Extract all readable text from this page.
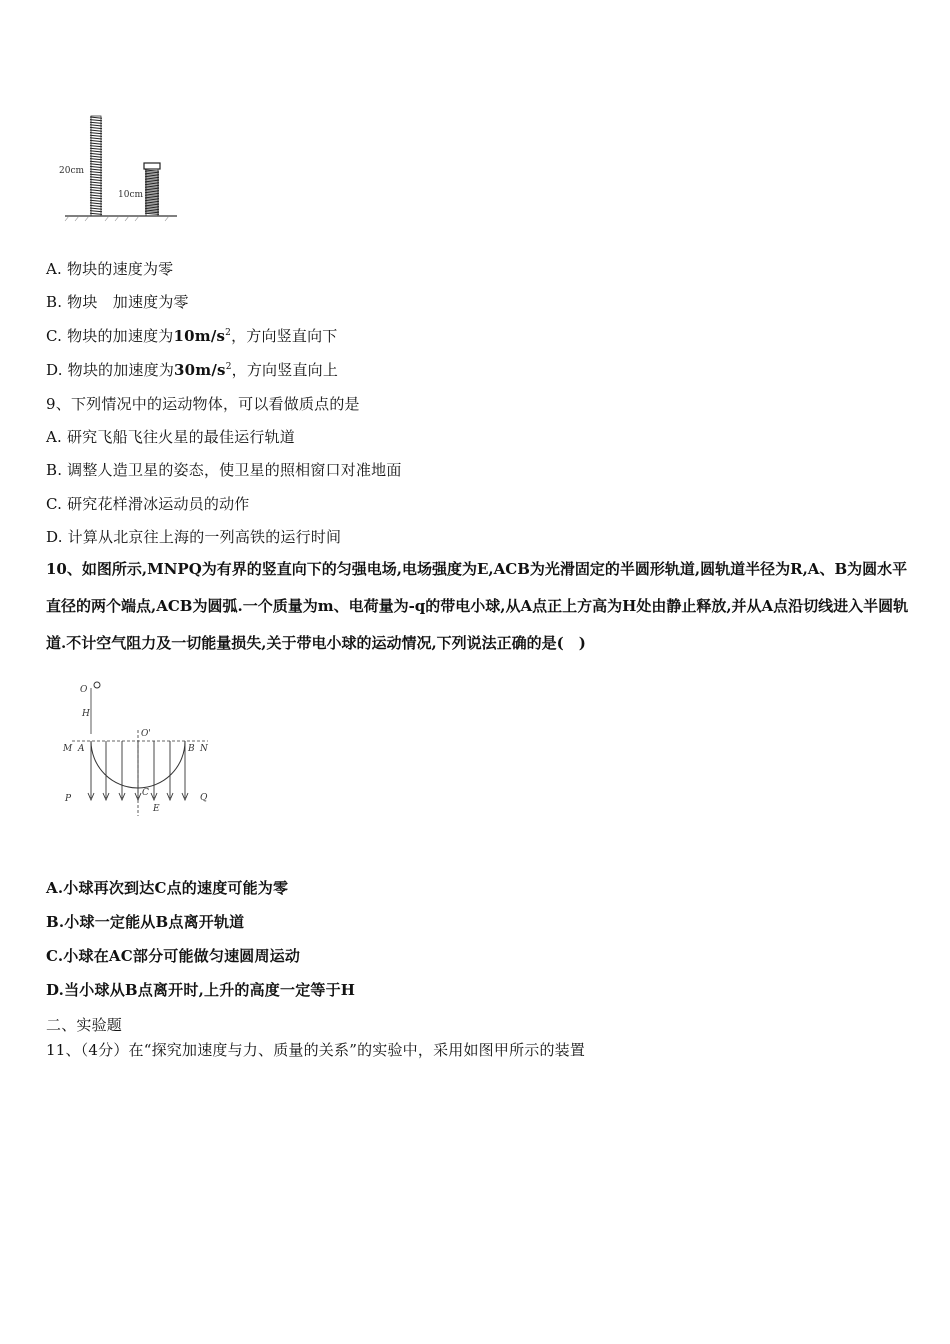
20cm
10cm
A. 物块的速度为零
B. 物块　加速度为零
C. 物块的加速度为$10m/s^2$，方向竖直向下
D. 物块的加速度为$30m/s^2$，方向竖直向上
9、下列情况中的运动物体，可以看做质点的是
A. 研究飞船飞往火星的最佳运行轨道
B. 调整人造卫星的姿态，使卫星的照相窗口对准地面
C. 研究花样滑冰运动员的动作
D. 计算从北京往上海的一列高铁的运行时间
10、如图所示,MNPQ为有界的竖直向下的匀强电场,电场强度为E,ACB为光滑固定的半圆形轨道,圆轨道半径为R,A、B为圆水平直径的两个端点,ACB为圆弧.一个质量为m、电荷量为-q的带电小球,从A点正上方高为H处由静止释放,并从A点沿切线进入半圆轨道.不计空气阻力及一切能量损失,关于带电小球的运动情况,下列说法正确的是(　)
O
H
M A
O'
B N
P
C	Q
E
A.小球再次到达C点的速度可能为零
B.小球一定能从B点离开轨道
C.小球在AC部分可能做匀速圆周运动
D.当小球从B点离开时,上升的高度一定等于H
二、实验题
11、（4分）在“探究加速度与力、质量的关系”的实验中，采用如图甲所示的装置
